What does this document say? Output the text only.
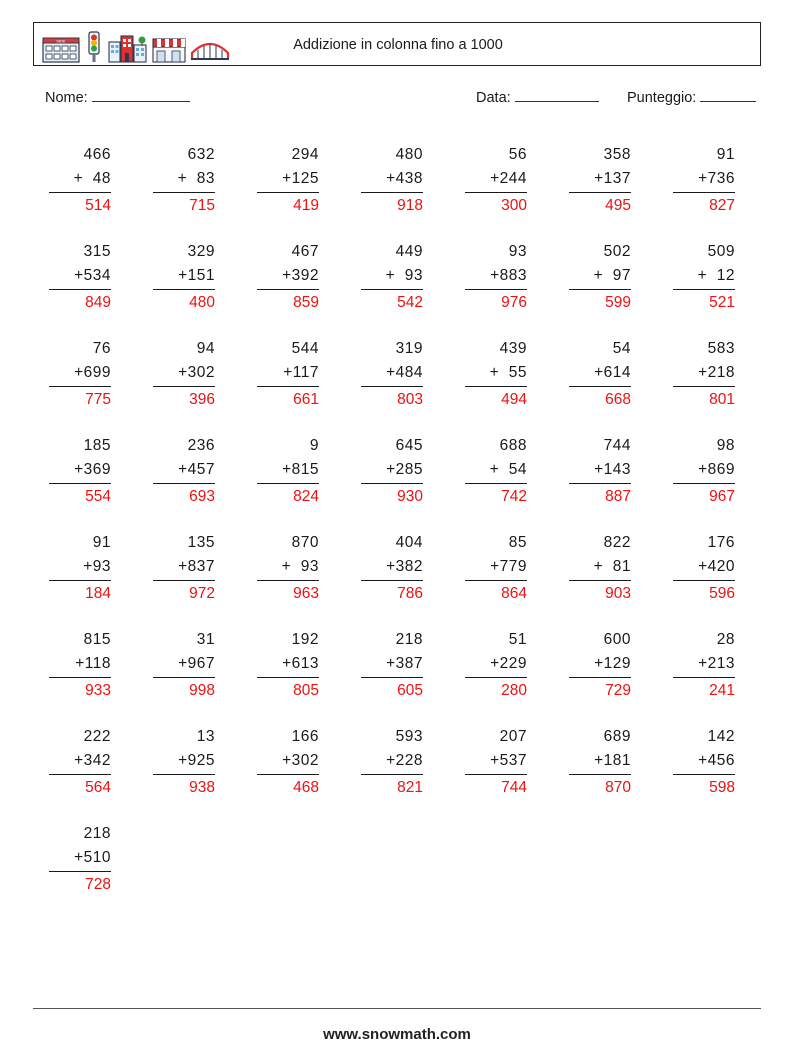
SIDE	Addizione in colonna fino a 1000
Nome:	Data:	Punteggio:
466
+  48
514
632
+  83
715
294
+125
419
480
+438
918
56
+244
300
358
+137
495
91
+736
827
315
+534
849
329
+151
480
467
+392
859
449
+  93
542
93
+883
976
502
+  97
599
509
+  12
521
76
+699
775
94
+302
396
544
+117
661
319
+484
803
439
+  55
494
54
+614
668
583
+218
801
185
+369
554
236
+457
693
9
+815
824
645
+285
930
688
+  54
742
744
+143
887
98
+869
967
91
+93
184
135
+837
972
870
+  93
963
404
+382
786
85
+779
864
822
+  81
903
176
+420
596
815
+118
933
31
+967
998
192
+613
805
218
+387
605
51
+229
280
600
+129
729
28
+213
241
222
+342
564
13
+925
938
166
+302
468
593
+228
821
207
+537
744
689
+181
870
142
+456
598
218
+510
728
www.snowmath.com
